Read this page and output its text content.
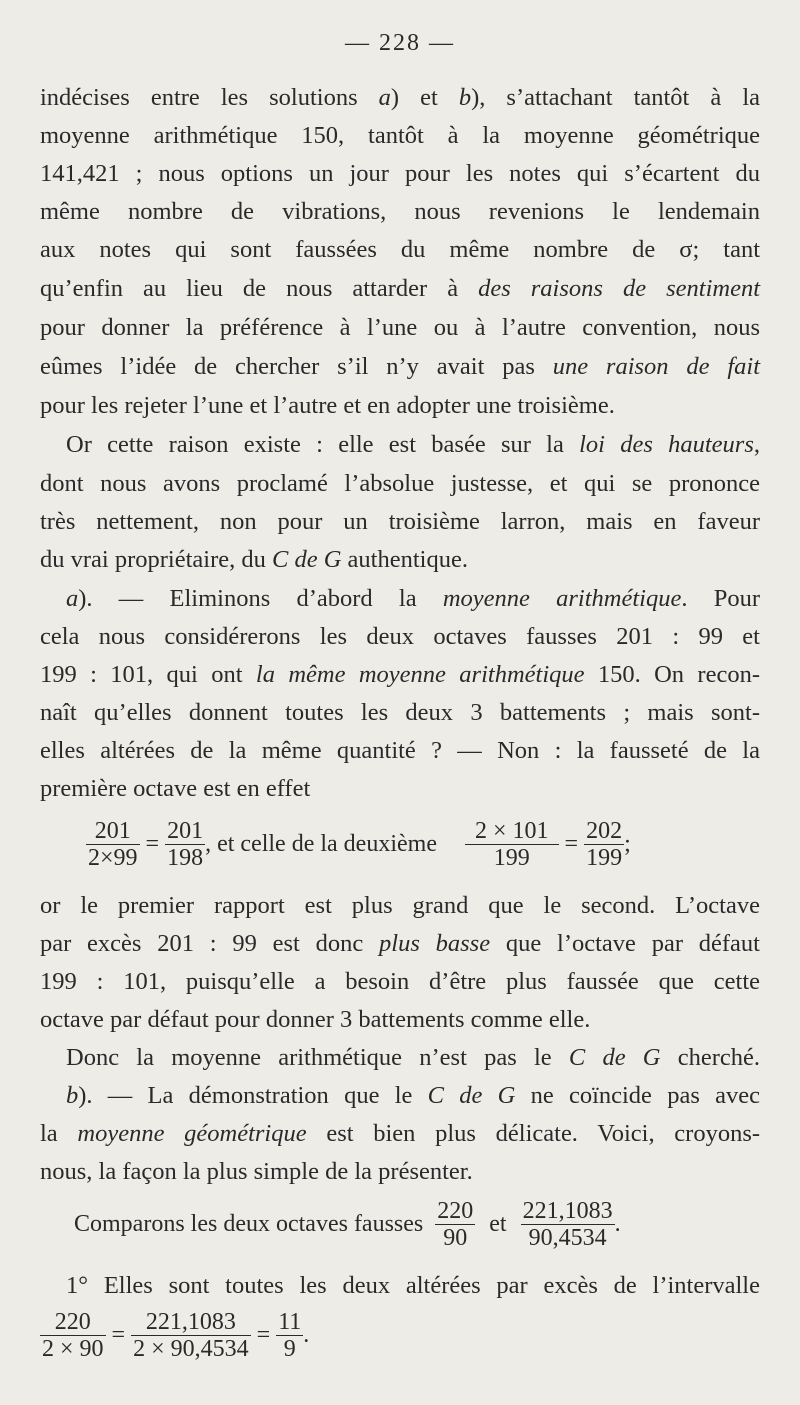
— 228 —
indécises entre les solutions a) et b), s’attachant tantôt à la
moyenne arithmétique 150, tantôt à la moyenne géométrique
141,421 ; nous options un jour pour les notes qui s’écartent du
même nombre de vibrations, nous revenions le lendemain
aux notes qui sont faussées du même nombre de σ; tant
qu’enfin au lieu de nous attarder à des raisons de sentiment
pour donner la préférence à l’une ou à l’autre convention, nous
eûmes l’idée de chercher s’il n’y avait pas une raison de fait
pour les rejeter l’une et l’autre et en adopter une troisième.
Or cette raison existe : elle est basée sur la loi des hauteurs,
dont nous avons proclamé l’absolue justesse, et qui se prononce
très nettement, non pour un troisième larron, mais en faveur
du vrai propriétaire, du C de G authentique.
a). — Eliminons d’abord la moyenne arithmétique. Pour
cela nous considérerons les deux octaves fausses 201 : 99 et
199 : 101, qui ont la même moyenne arithmétique 150. On recon-
naît qu’elles donnent toutes les deux 3 battements ; mais sont-
elles altérées de la même quantité ? — Non : la fausseté de la
première octave est en effet
$\frac{201}{2\times 99} = \frac{201}{198}$ , et celle de la deuxième $\frac{2 \times 101}{199} = \frac{202}{199}$ ;
or le premier rapport est plus grand que le second. L’octave
par excès 201 : 99 est donc plus basse que l’octave par défaut
199 : 101, puisqu’elle a besoin d’être plus faussée que cette
octave par défaut pour donner 3 battements comme elle.
Donc la moyenne arithmétique n’est pas le C de G cherché.
b). — La démonstration que le C de G ne coïncide pas avec
la moyenne géométrique est bien plus délicate. Voici, croyons-
nous, la façon la plus simple de la présenter.
Comparons les deux octaves fausses $\frac{220}{90}$ et $\frac{221,1083}{90,4534}$ .
1° Elles sont toutes les deux altérées par excès de l’intervalle
$\frac{220}{2 \times 90} = \frac{221,1083}{2 \times 90,4534} = \frac{11}{9}$ .
